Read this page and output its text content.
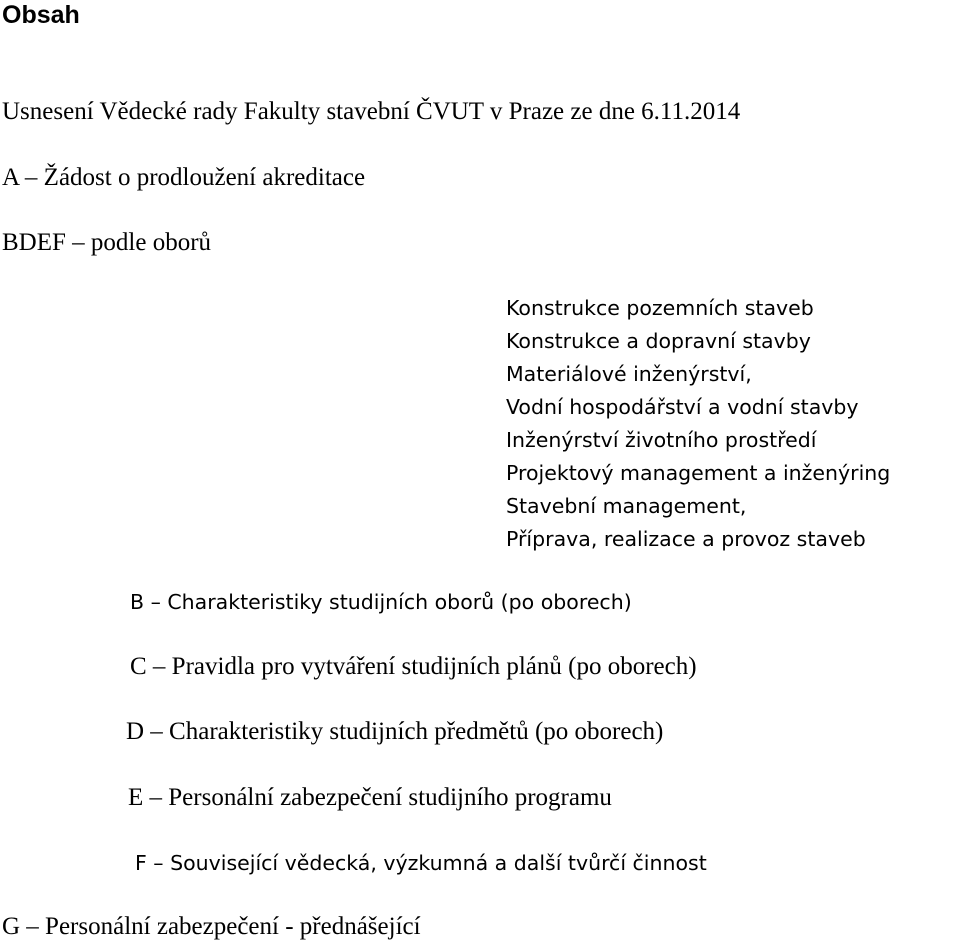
Obsah

Usnesení Vědecké rady Fakulty stavební ČVUT v Praze ze dne 6.11.2014

A – Žádost o prodloužení akreditace

BDEF – podle oborů

Konstrukce pozemních staveb
Konstrukce a dopravní stavby
Materiálové inženýrství,
Vodní hospodářství a vodní stavby
Inženýrství životního prostředí
Projektový management a inženýring
Stavební management,
Příprava, realizace a provoz staveb

B – Charakteristiky studijních oborů (po oborech)

C – Pravidla pro vytváření studijních plánů (po oborech)

D – Charakteristiky studijních předmětů (po oborech)

E – Personální zabezpečení studijního programu

F – Související vědecká, výzkumná a další tvůrčí činnost

G – Personální zabezpečení - přednášející
